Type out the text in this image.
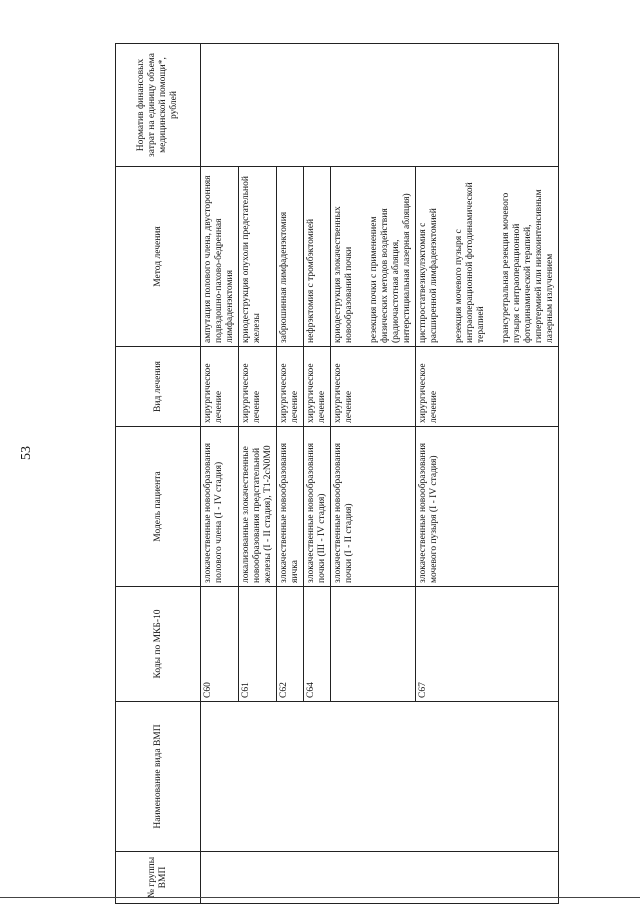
53
№ группы ВМП	Наименование вида ВМП	Коды по МКБ-10	Модель пациента	Вид лечения	Метод лечения	Норматив финансовых затрат на единицу объема медицинской помощи*, рублей
		C60	злокачественные новообразования полового члена (I - IV стадия)	хирургическое лечение	ампутация полового члена, двусторонняя подвздошно-пахово-бедренная лимфаденэктомия	

		C61	локализованные злокачественные новообразования предстательной железы (I - II стадия), T1-2cN0M0	хирургическое лечение	криодеструкция опухоли предстательной железы	

		C62	злокачественные новообразования яичка	хирургическое лечение	забрюшинная лимфаденэктомия	

		C64	злокачественные новообразования почки (III - IV стадия)	хирургическое лечение	нефрэктомия с тромбэктомией	

			злокачественные новообразования почки (I - II стадия)	хирургическое лечение	криодеструкция злокачественных новообразований почки резекция почки с применением физических методов воздействия (радиочастотная абляция, интерстициальная лазерная абляция)	

		C67	злокачественные новообразования мочевого пузыря (I - IV стадия)	хирургическое лечение	цистпростатвезикулэктомия с расширенной лимфаденэктомией резекция мочевого пузыря с интраоперационной фотодинамической терапией трансуретральная резекция мочевого пузыря с интраоперационной фотодинамической терапией, гипертермией или низкоинтенсивным лазерным излучением	
